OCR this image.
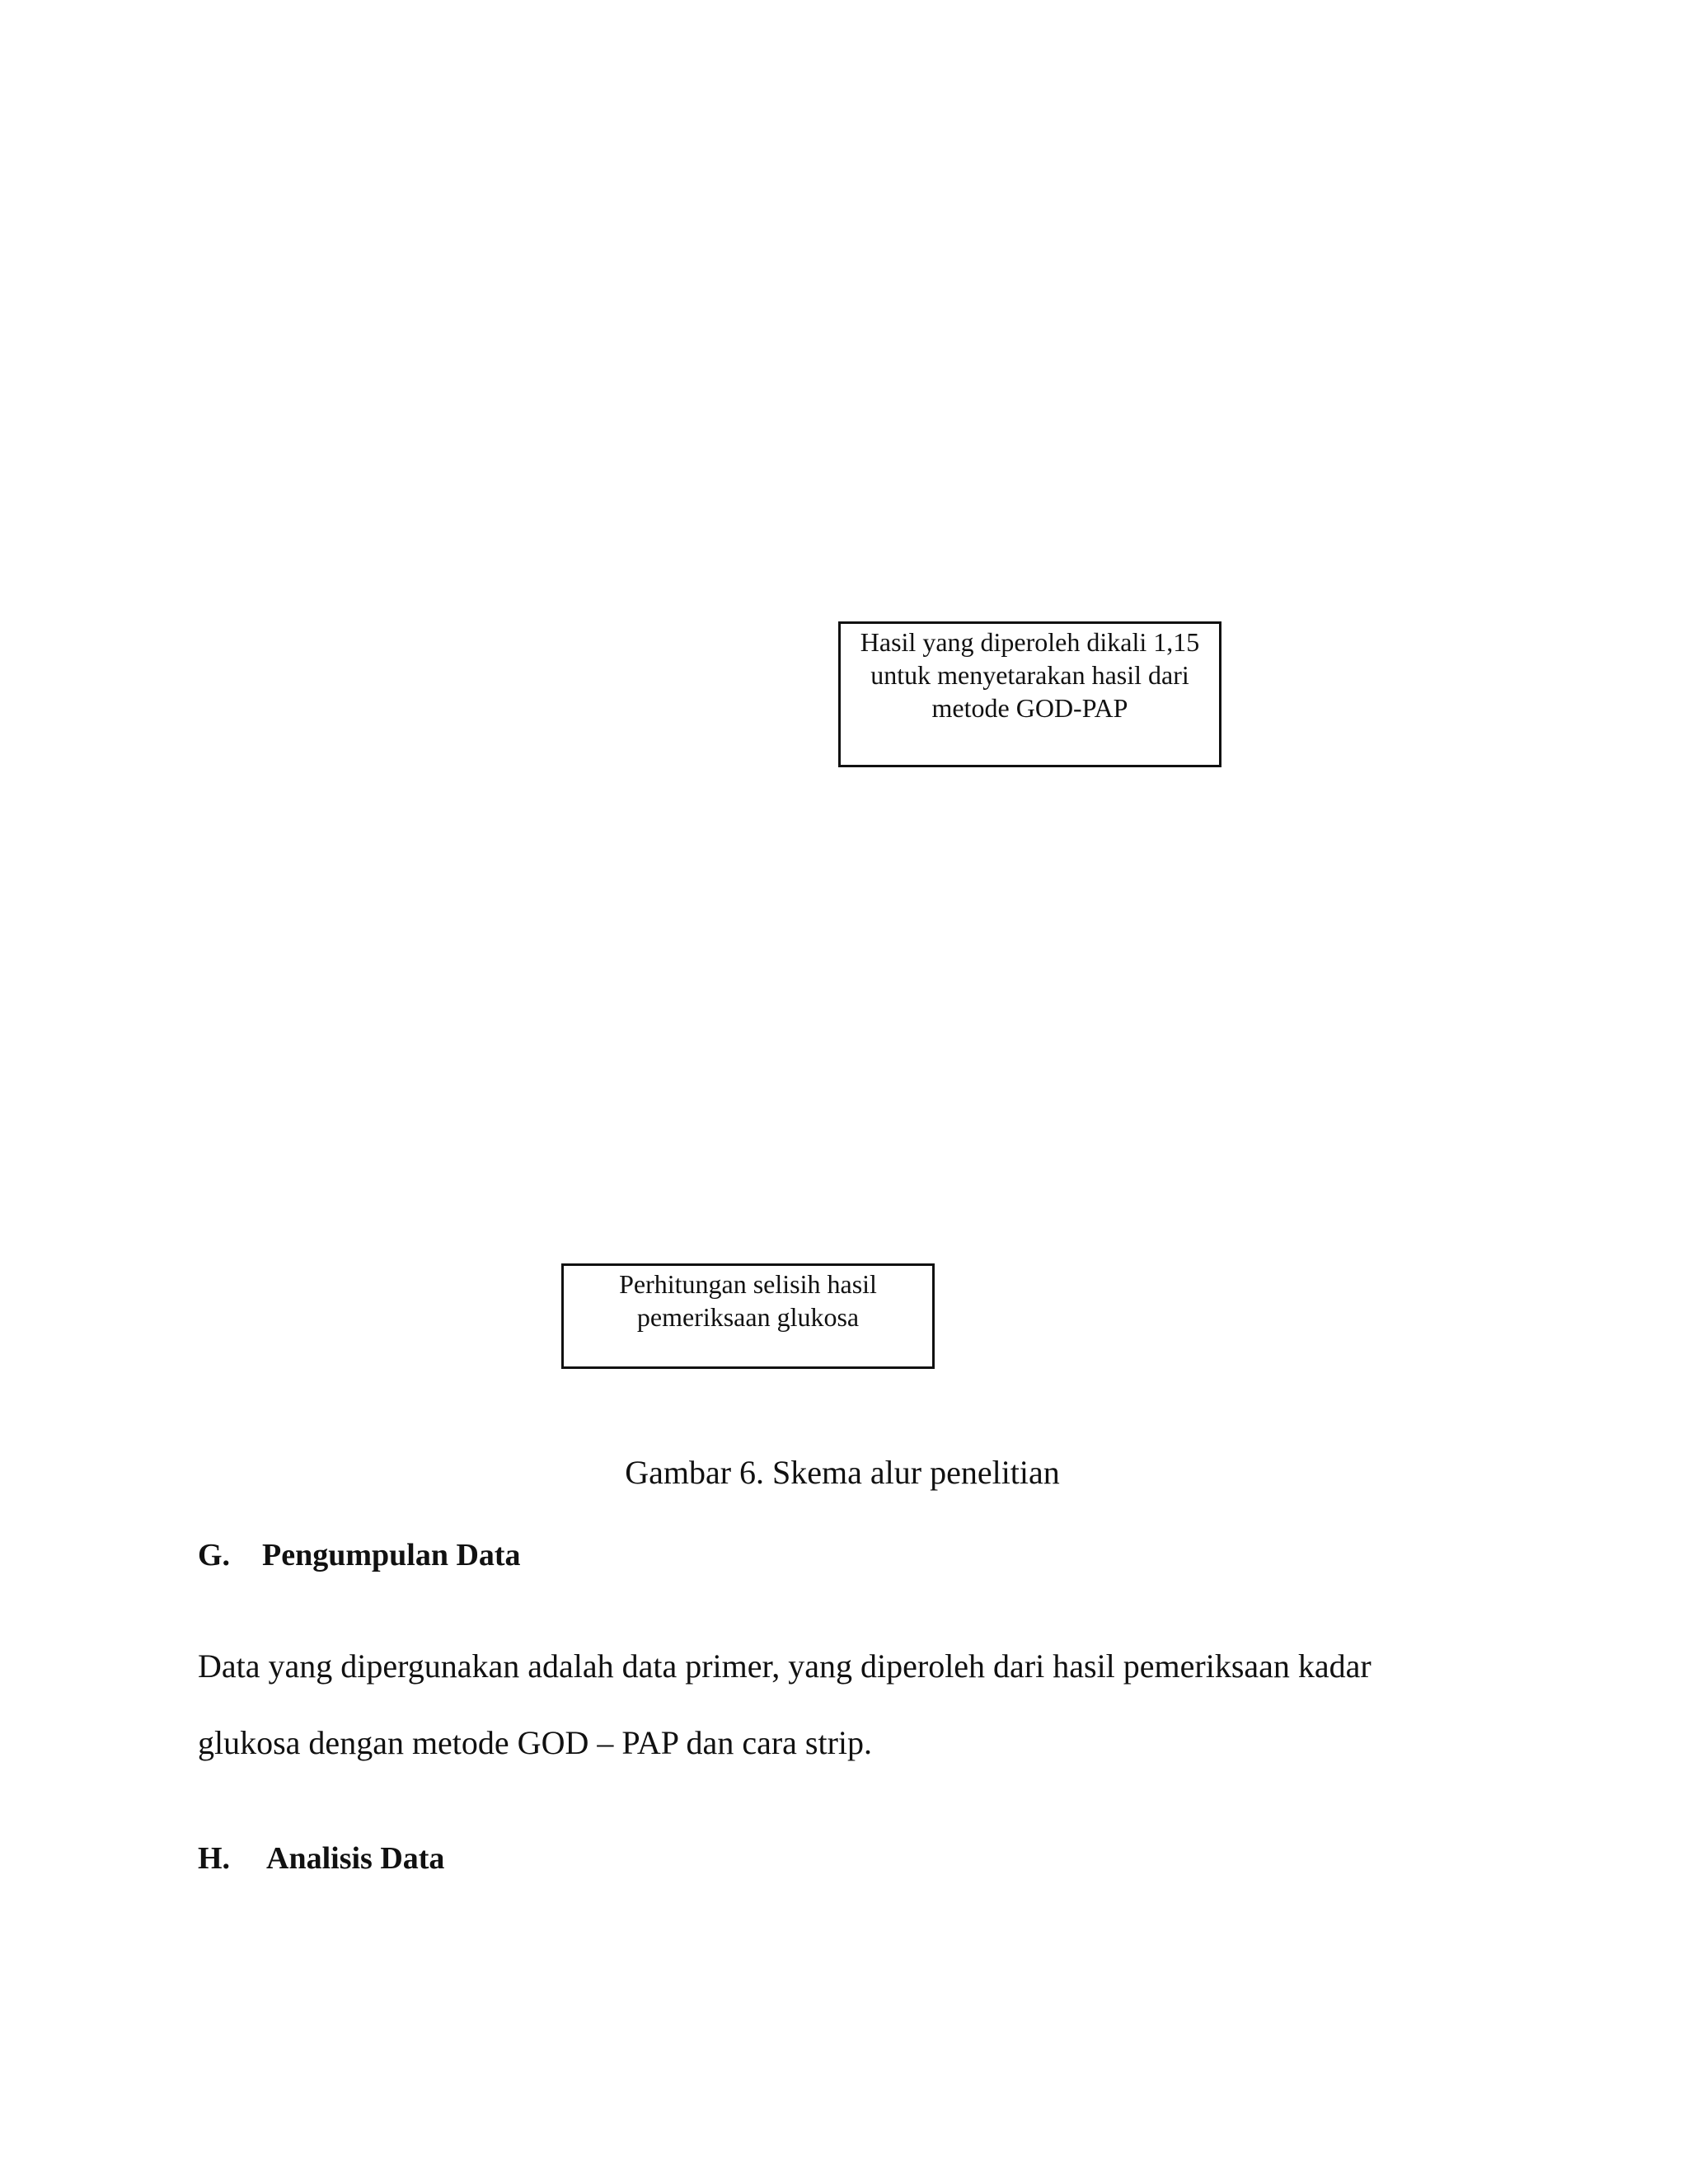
Hasil yang diperoleh dikali 1,15
untuk menyetarakan hasil dari
metode GOD-PAP
Perhitungan selisih hasil
pemeriksaan glukosa
Gambar 6. Skema alur penelitian
G. Pengumpulan Data
Data yang dipergunakan adalah data primer, yang diperoleh dari hasil pemeriksaan kadar
glukosa dengan metode GOD – PAP dan cara strip.
H. Analisis Data
